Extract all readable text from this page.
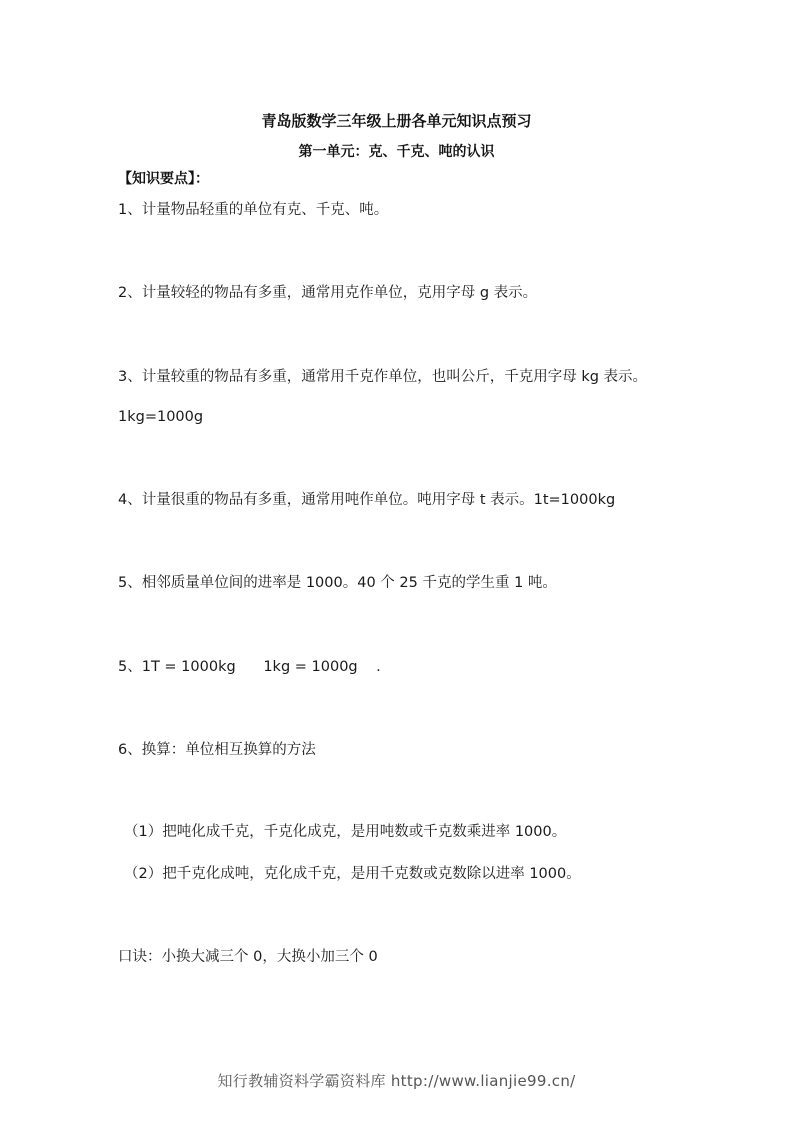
青岛版数学三年级上册各单元知识点预习
第一单元：克、千克、吨的认识
【知识要点】：
1、计量物品轻重的单位有克、千克、吨。
2、计量较轻的物品有多重，通常用克作单位，克用字母 g 表示。
3、计量较重的物品有多重，通常用千克作单位，也叫公斤，千克用字母 kg 表示。
1kg=1000g
4、计量很重的物品有多重，通常用吨作单位。吨用字母 t 表示。1t=1000kg
5、相邻质量单位间的进率是 1000。40 个 25 千克的学生重 1 吨。
5、1T = 1000kg      1kg = 1000g    .
6、换算：单位相互换算的方法
（1）把吨化成千克，千克化成克，是用吨数或千克数乘进率 1000。
（2）把千克化成吨，克化成千克，是用千克数或克数除以进率 1000。
口诀：小换大减三个 0，大换小加三个 0
知行教辅资料学霸资料库 http://www.lianjie99.cn/
